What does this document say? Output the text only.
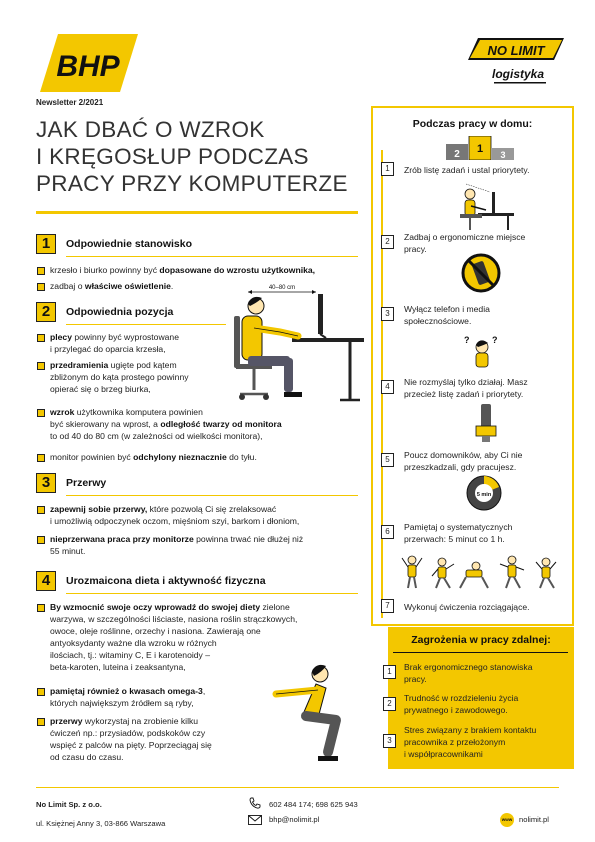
BHP
Newsletter 2/2021
NO LIMIT
logistyka
JAK DBAĆ O WZROK
I KRĘGOSŁUP PODCZAS
PRACY PRZY KOMPUTERZE
1	Odpowiednie stanowisko
krzesło i biurko powinny być dopasowane do wzrostu użytkownika,
zadbaj o właściwe oświetlenie.
2	Odpowiednia pozycja
plecy powinny być wyprostowane
i przylegać do oparcia krzesła,
przedramienia ugięte pod kątem
zbliżonym do kąta prostego powinny
opierać się o brzeg biurka,
wzrok użytkownika komputera powinien
być skierowany na wprost, a odległość twarzy od monitora
to od 40 do 80 cm (w zależności od wielkości monitora),
monitor powinien być odchylony nieznacznie do tyłu.
40–80 cm
3	Przerwy
zapewnij sobie przerwy, które pozwolą Ci się zrelaksować
i umożliwią odpoczynek oczom, mięśniom szyi, barkom i dłoniom,
nieprzerwana praca przy monitorze powinna trwać nie dłużej niż
55 minut.
4	Urozmaicona dieta i aktywność fizyczna
By wzmocnić swoje oczy wprowadź do swojej diety zielone
warzywa, w szczególności liściaste, nasiona roślin strączkowych,
owoce, oleje roślinne, orzechy i nasiona. Zawierają one
antyoksydanty ważne dla wzroku w różnych
ilościach, tj.: witaminy C, E i karotenoidy –
beta-karoten, luteina i zeaksantyna,
pamiętaj również o kwasach omega-3,
których największym źródłem są ryby,
przerwy wykorzystaj na zrobienie kilku
ćwiczeń np.: przysiadów, podskoków czy
wspięć z palców na pięty. Poprzeciągaj się
od czasu do czasu.
Podczas pracy w domu:
2 1 3
1	Zrób listę zadań i ustal priorytety.
2	Zadbaj o ergonomiczne miejsce
pracy.
3	Wyłącz telefon i media
społecznościowe.
?	?
4	Nie rozmyślaj tylko działaj. Masz
przecież listę zadań i priorytety.
5	Poucz domowników, aby Ci nie
przeszkadzali, gdy pracujesz.
5 min
6	Pamiętaj o systematycznych
przerwach: 5 minut co 1 h.
7	Wykonuj ćwiczenia rozciągające.
Zagrożenia w pracy zdalnej:
1	Brak ergonomicznego stanowiska
pracy.
2
Trudność w rozdzieleniu życia
prywatnego i zawodowego.
3
Stres związany z brakiem kontaktu
pracownika z przełożonym
i współpracownikami
No Limit Sp. z o.o.
ul. Księżnej Anny 3, 03-866 Warszawa
602 484 174; 698 625 943
bhp@nolimit.pl	www nolimit.pl
